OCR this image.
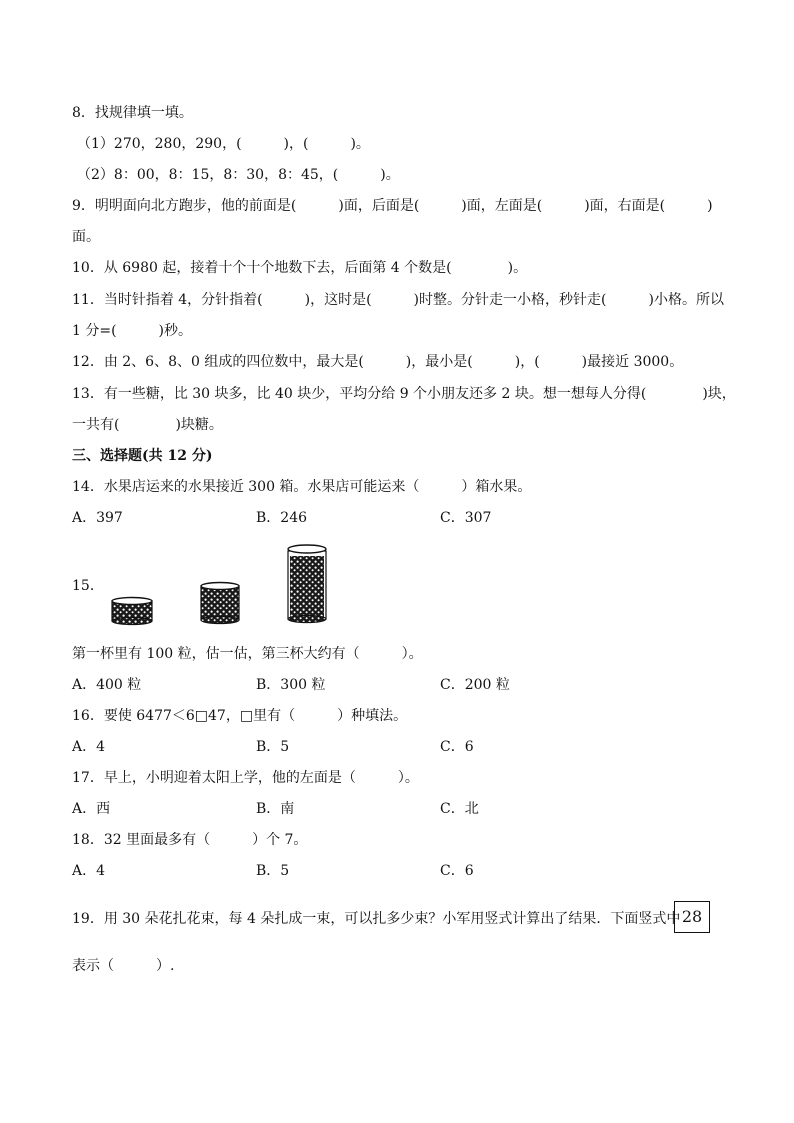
8．找规律填一填。
（1）270，280，290，(　　　)，(　　　)。
（2）8：00，8：15，8：30，8：45，(　　　)。
9．明明面向北方跑步，他的前面是(　　　)面，后面是(　　　)面，左面是(　　　)面，右面是(　　　)
面。
10．从 6980 起，接着十个十个地数下去，后面第 4 个数是(　　　　)。
11．当时针指着 4，分针指着(　　　)，这时是(　　　)时整。分针走一小格，秒针走(　　　)小格。所以
1 分=(　　　)秒。
12．由 2、6、8、0 组成的四位数中，最大是(　　　)，最小是(　　　)，(　　　)最接近 3000。
13．有一些糖，比 30 块多，比 40 块少，平均分给 9 个小朋友还多 2 块。想一想每人分得(　　　　)块，
一共有(　　　　)块糖。
三、选择题(共 12 分)
14．水果店运来的水果接近 300 箱。水果店可能运来（　　　）箱水果。
A．397	B．246	C．307
15．
第一杯里有 100 粒，估一估，第三杯大约有（　　　）。
A．400 粒	B．300 粒	C．200 粒
16．要使 6477＜6□47，□里有（　　　）种填法。
A．4	B．5	C．6
17．早上，小明迎着太阳上学，他的左面是（　　　）。
A．西	B．南	C．北
18．32 里面最多有（　　　）个 7。
A．4	B．5	C．6
19．用 30 朵花扎花束，每 4 朵扎成一束，可以扎多少束？小军用竖式计算出了结果．下面竖式中 28
表示（　　　）.
